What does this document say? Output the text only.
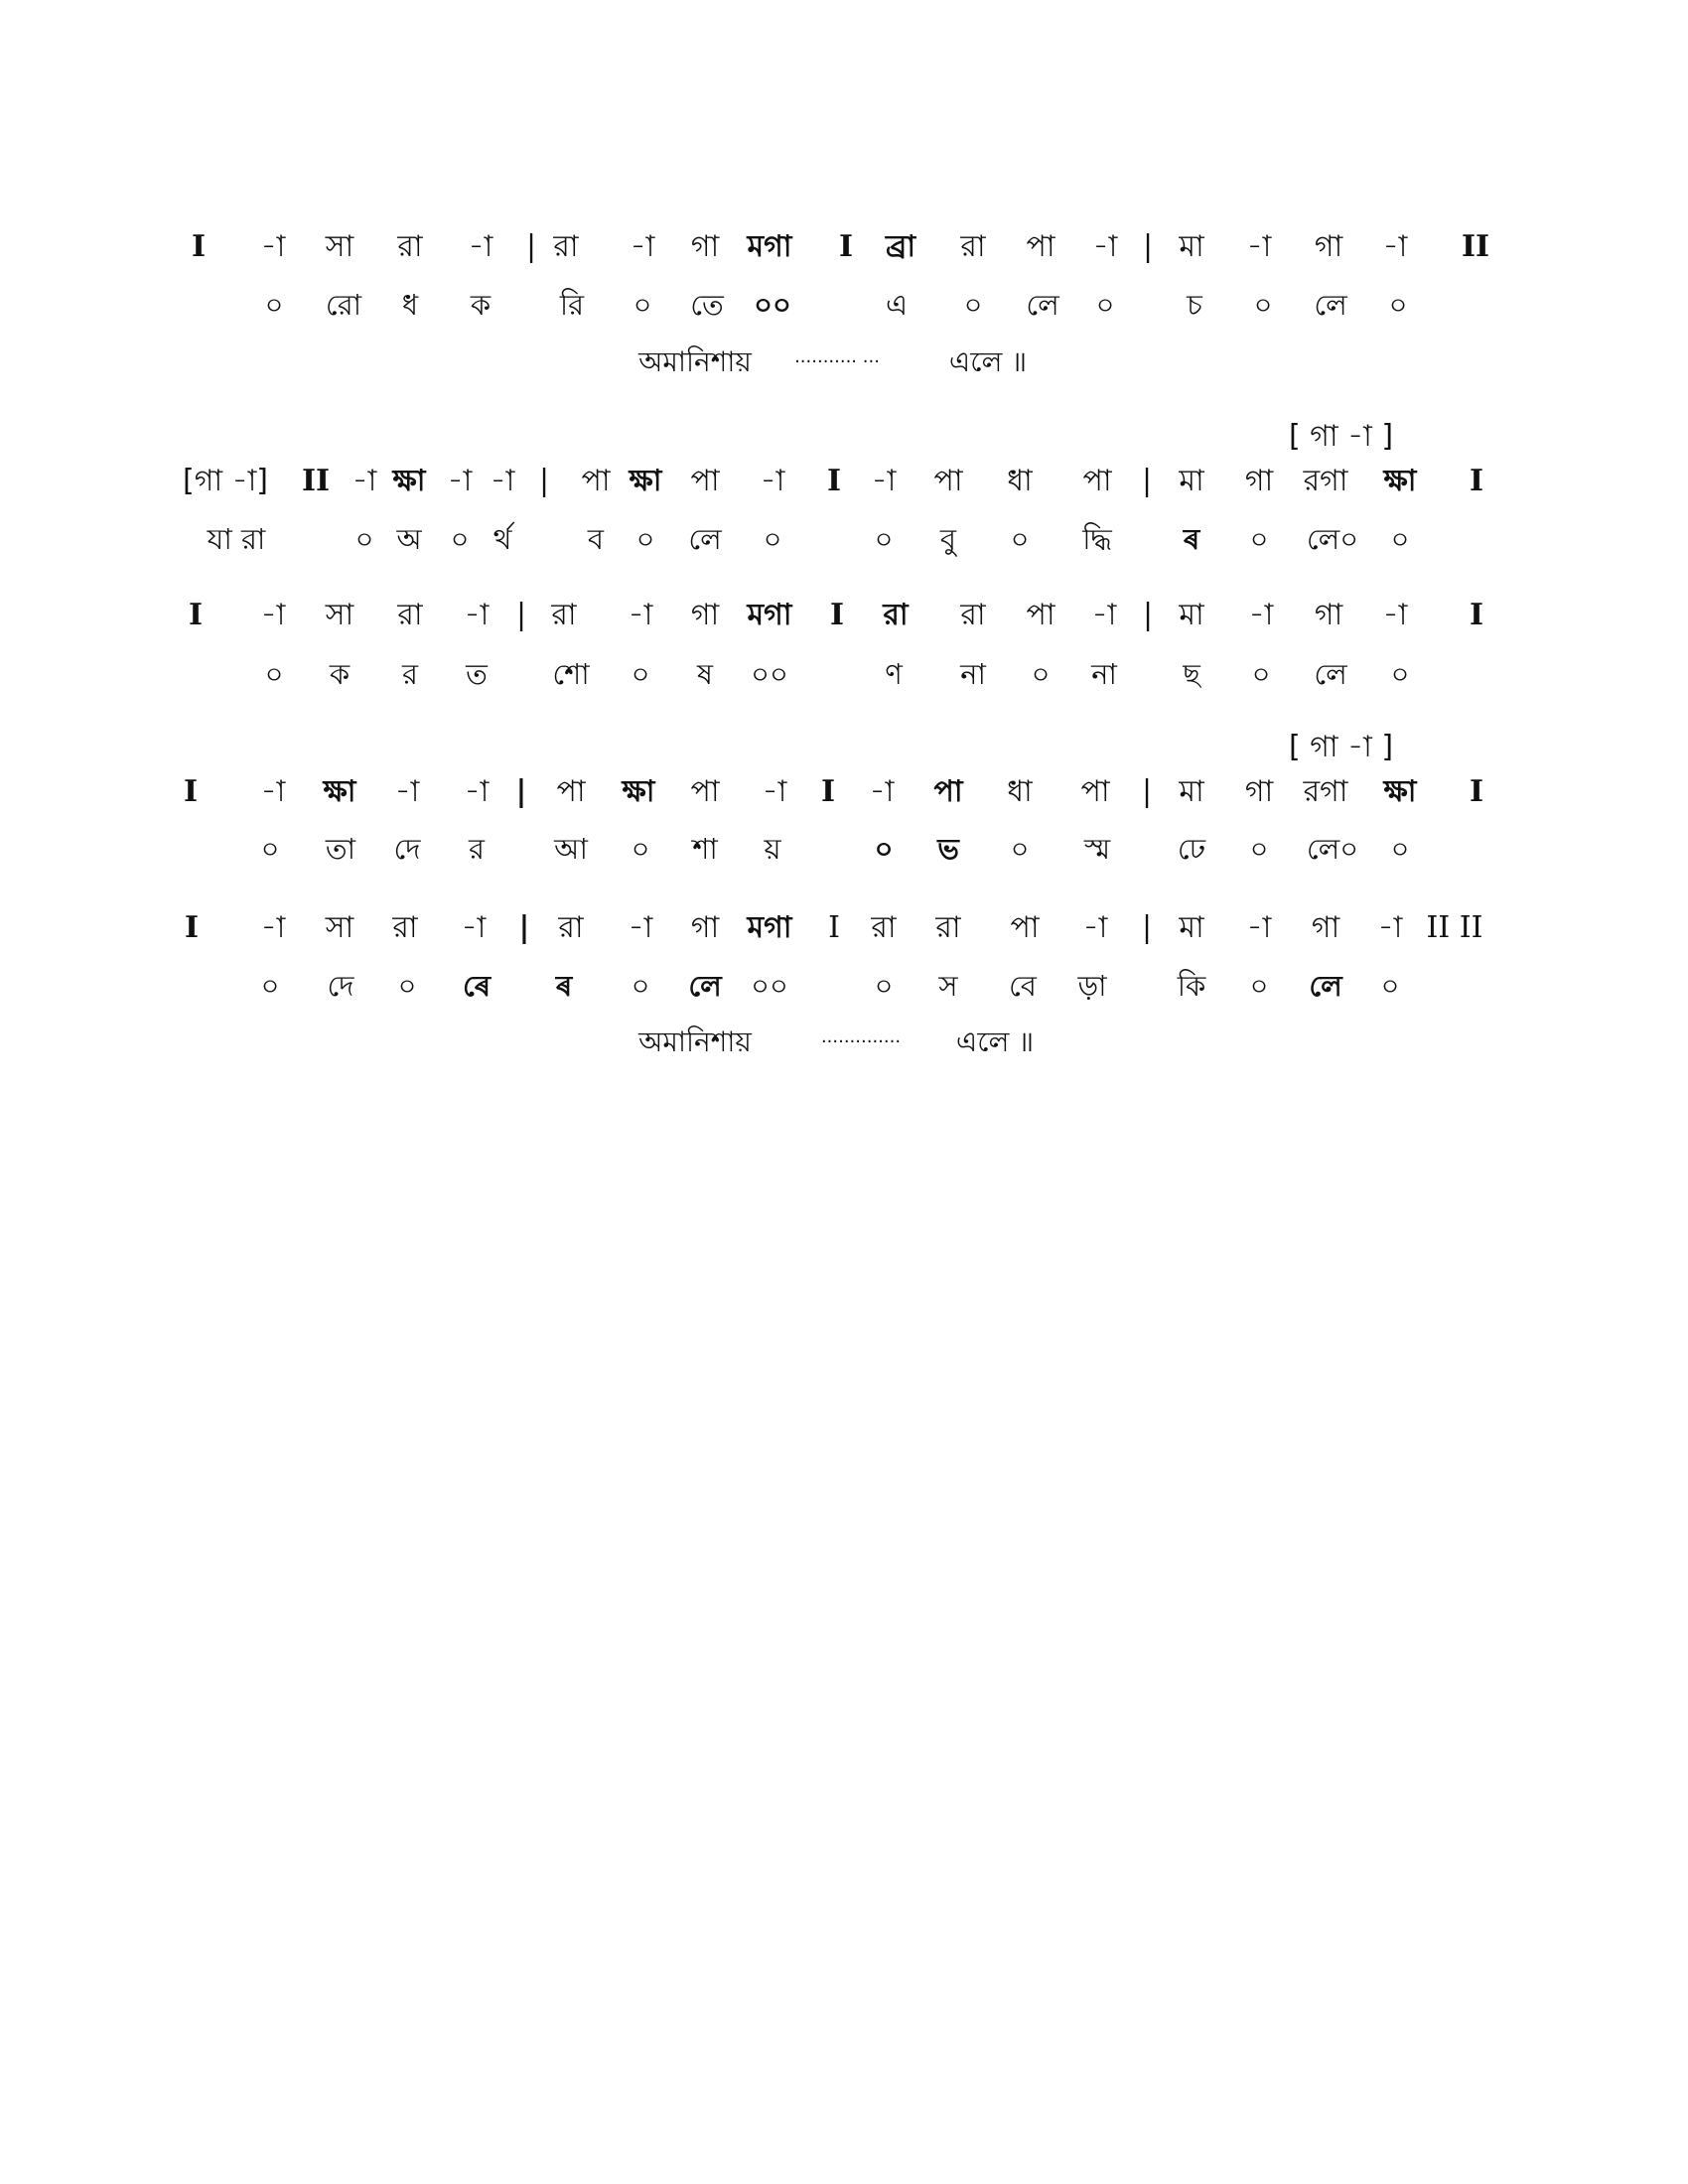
I -া সা রা -া | রা -া গা মগা I ব্রা রা পা -া | মা -া গা -া II
০ রো ধ ক রি ০ তে ০০	এ ০ লে ০	চ ০ লে ০
অমানিশায় ··········· ···	এলে ॥
[ গা -া ]
[গা -া] II -া ক্ষা -া -া | পা ক্ষা পা -া I -া পা ধা পা | মা গা রগা ক্ষা I
যা রা	০ অ ০ র্থ	ব ০ লে ০	০ বু ০ দ্ধি ৰ ০ লে০ ০
I -া সা রা -া | রা -া গা মগা I রা রা পা -া | মা -া গা -া I
০ ক র ত শো ০ ষ ০০	ণ না ০ না ছ ০ লে ০
[ গা -া ]
I -া ক্ষা -া -া | পা ক্ষা পা -া I -া পা ধা পা | মা গা রগা ক্ষা I
০ তা দে র আ ০ শা য়	০ ভ ০ স্ম ঢে ০ লে০ ০
I -া সা রা -া | রা -া গা মগা I রা রা পা -া | মা -া গা -া II II
০ দে ০ ৰে ৰ ০ লে ০০	০ স বে ড়া কি ০ লে ০
অমানিশায়	·············· এলে ॥
